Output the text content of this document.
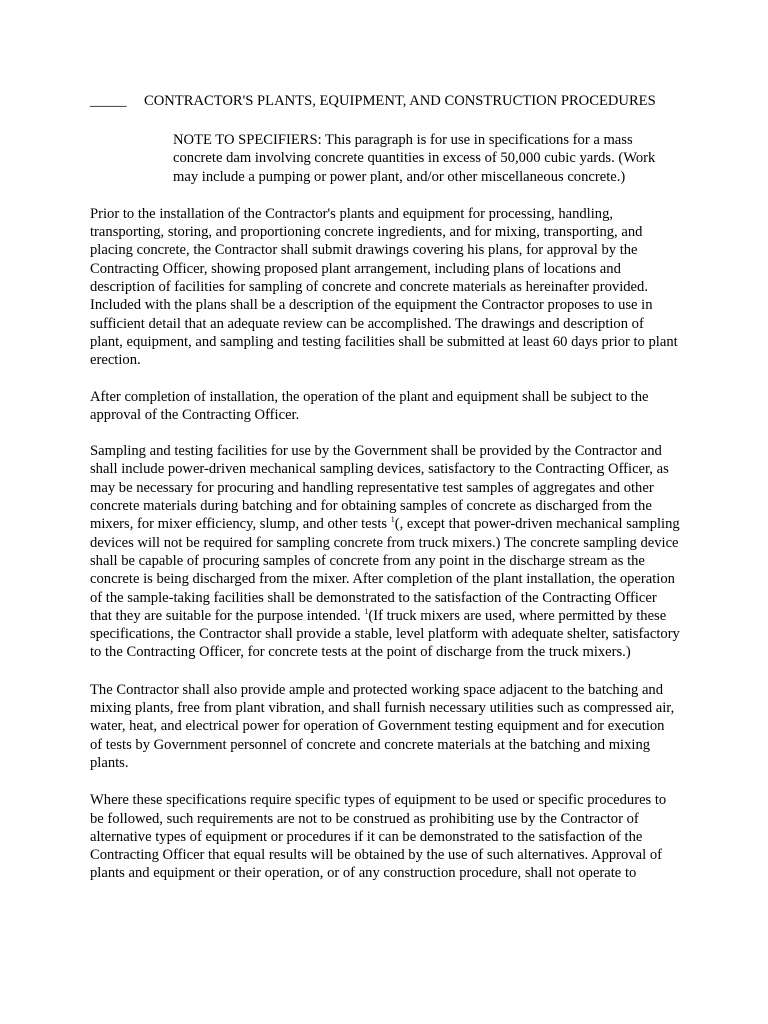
_____ CONTRACTOR'S PLANTS, EQUIPMENT, AND CONSTRUCTION PROCEDURES

NOTE TO SPECIFIERS: This paragraph is for use in specifications for a mass concrete dam involving concrete quantities in excess of 50,000 cubic yards. (Work may include a pumping or power plant, and/or other miscellaneous concrete.)

Prior to the installation of the Contractor's plants and equipment for processing, handling, transporting, storing, and proportioning concrete ingredients, and for mixing, transporting, and placing concrete, the Contractor shall submit drawings covering his plans, for approval by the Contracting Officer, showing proposed plant arrangement, including plans of locations and description of facilities for sampling of concrete and concrete materials as hereinafter provided. Included with the plans shall be a description of the equipment the Contractor proposes to use in sufficient detail that an adequate review can be accomplished. The drawings and description of plant, equipment, and sampling and testing facilities shall be submitted at least 60 days prior to plant erection.

After completion of installation, the operation of the plant and equipment shall be subject to the approval of the Contracting Officer.

Sampling and testing facilities for use by the Government shall be provided by the Contractor and shall include power-driven mechanical sampling devices, satisfactory to the Contracting Officer, as may be necessary for procuring and handling representative test samples of aggregates and other concrete materials during batching and for obtaining samples of concrete as discharged from the mixers, for mixer efficiency, slump, and other tests $^1$(, except that power-driven mechanical sampling devices will not be required for sampling concrete from truck mixers.) The concrete sampling device shall be capable of procuring samples of concrete from any point in the discharge stream as the concrete is being discharged from the mixer. After completion of the plant installation, the operation of the sample-taking facilities shall be demonstrated to the satisfaction of the Contracting Officer that they are suitable for the purpose intended. $^1$(If truck mixers are used, where permitted by these specifications, the Contractor shall provide a stable, level platform with adequate shelter, satisfactory to the Contracting Officer, for concrete tests at the point of discharge from the truck mixers.)

The Contractor shall also provide ample and protected working space adjacent to the batching and mixing plants, free from plant vibration, and shall furnish necessary utilities such as compressed air, water, heat, and electrical power for operation of Government testing equipment and for execution of tests by Government personnel of concrete and concrete materials at the batching and mixing plants.

Where these specifications require specific types of equipment to be used or specific procedures to be followed, such requirements are not to be construed as prohibiting use by the Contractor of alternative types of equipment or procedures if it can be demonstrated to the satisfaction of the Contracting Officer that equal results will be obtained by the use of such alternatives. Approval of plants and equipment or their operation, or of any construction procedure, shall not operate to
